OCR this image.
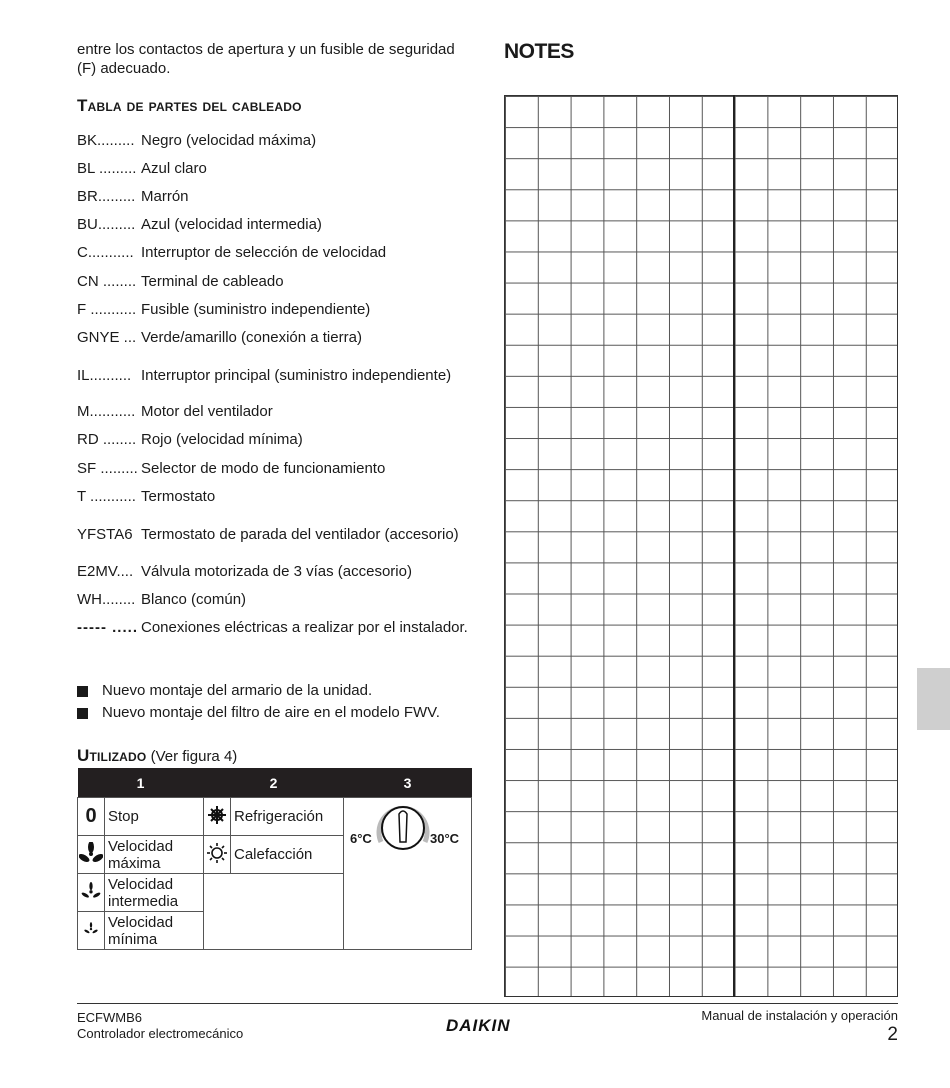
entre los contactos de apertura y un fusible de seguridad (F) adecuado.
Tabla de partes del cableado
BK......... Negro (velocidad máxima)
BL ......... Azul claro
BR......... Marrón
BU......... Azul (velocidad intermedia)
C........... Interruptor de selección de velocidad
CN ........ Terminal de cableado
F ........... Fusible (suministro independiente)
GNYE ... Verde/amarillo (conexión a tierra)
IL.......... Interruptor principal (suministro independiente)
M........... Motor del ventilador
RD ........ Rojo (velocidad mínima)
SF ......... Selector de modo de funcionamiento
T ........... Termostato
YFSTA6 Termostato de parada del ventilador (accesorio)
E2MV.... Válvula motorizada de 3 vías (accesorio)
WH........ Blanco (común)
----- ..... Conexiones eléctricas a realizar por el instalador.
Nuevo montaje del armario de la unidad.
Nuevo montaje del filtro de aire en el modelo FWV.
Utilizado (Ver figura 4)
1		2		3
0	Stop		Refrigeración	6°C 30°C

	Velocidad máxima		Calefacción	
	Velocidad intermedia			
	Velocidad mínima			
NOTES
ECFWMB6
Controlador electromecánico	DAIKIN
Manual de instalación y operación
2
